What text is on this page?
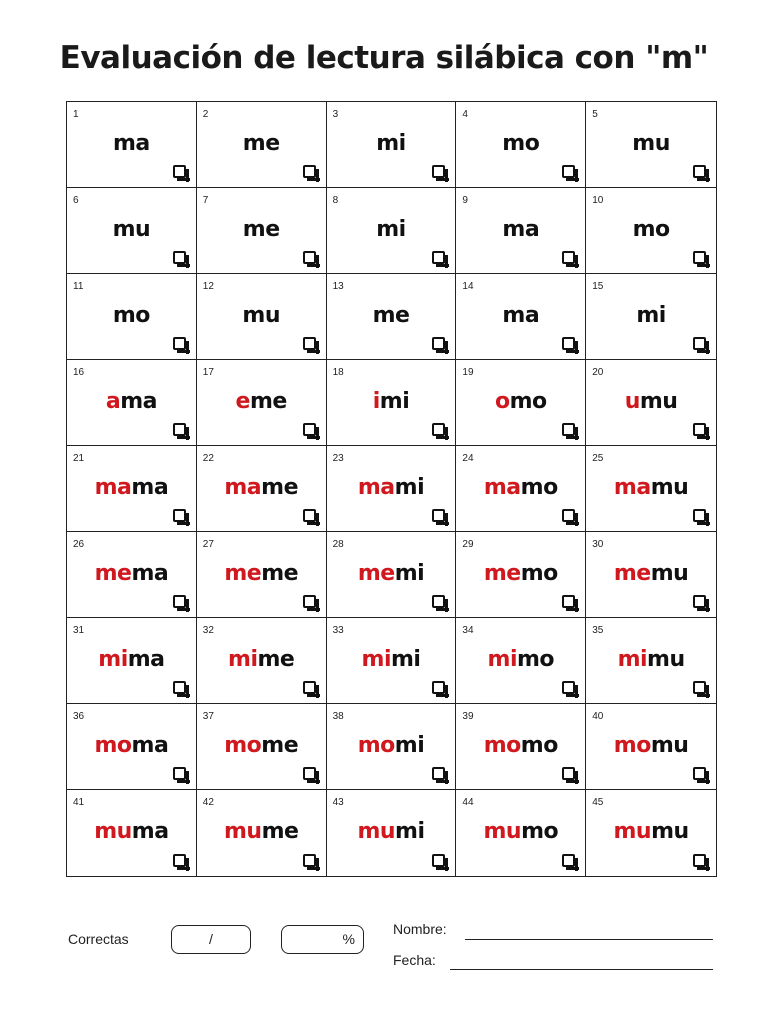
Evaluación de lectura silábica con "m"
1
ma
2
me
3
mi
4
mo
5
mu
6
mu
7
me
8
mi
9
ma
10
mo
11
mo
12
mu
13
me
14
ma
15
mi
16
ama
17
eme
18
imi
19
omo
20
umu
21
mama
22
mame
23
mami
24
mamo
25
mamu
26
mema
27
meme
28
memi
29
memo
30
memu
31
mima
32
mime
33
mimi
34
mimo
35
mimu
36
moma
37
mome
38
momi
39
momo
40
momu
41
muma
42
mume
43
mumi
44
mumo
45
mumu
Correctas	/	%
Nombre:
Fecha:
